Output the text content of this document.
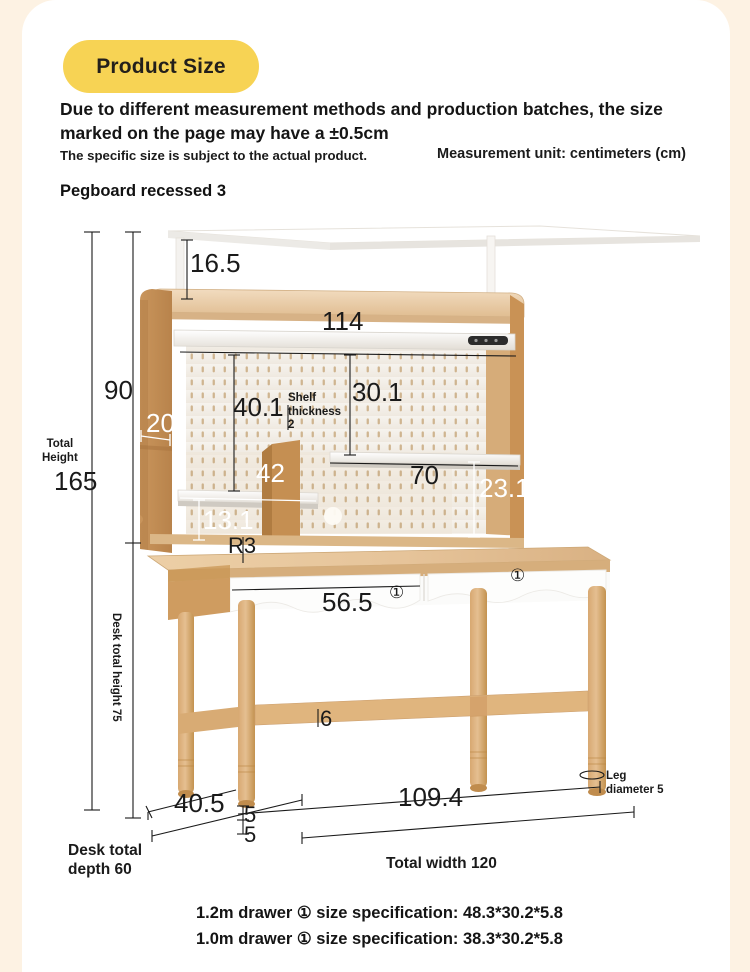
Product Size
Due to different measurement methods and production batches, the size marked on the page may have a ±0.5cm
The specific size is subject to the actual product.	Measurement unit: centimeters (cm)
Pegboard recessed 3
16.5
114
90
Total
Height
165
20
40.1 Shelf
thickness
2
30.1
42	70
13.1
23.1
R3
56.5 ①
①
Desk total height 75	6
40.5 5
5
109.4
Leg
diameter 5
Desk total
depth 60	Total width 120
1.2m drawer ① size specification: 48.3*30.2*5.8
1.0m drawer ① size specification: 38.3*30.2*5.8
